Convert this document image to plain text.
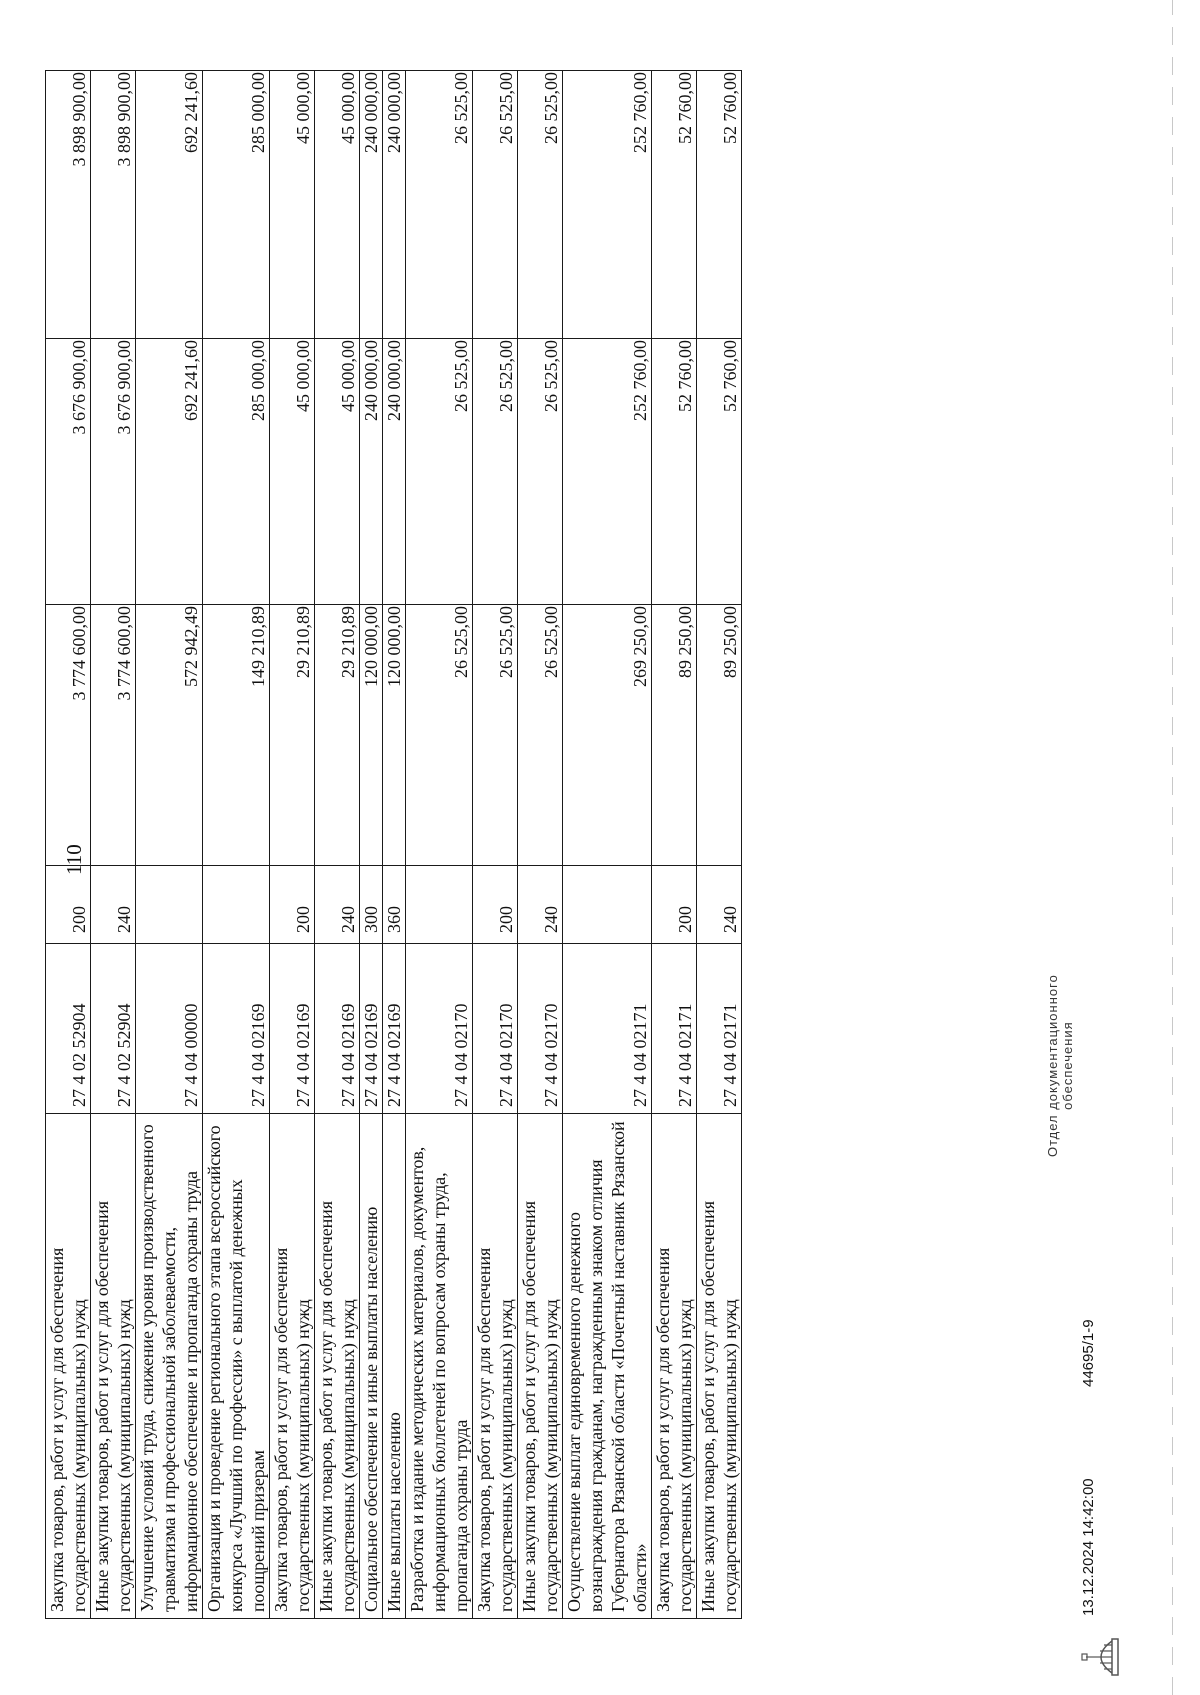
110
Закупка товаров, работ и услуг для обеспечения государственных (муниципальных) нужд	27 4 02 52904	200	3 774 600,00	3 676 900,00	3 898 900,00
Иные закупки товаров, работ и услуг для обеспечения государственных (муниципальных) нужд	27 4 02 52904	240	3 774 600,00	3 676 900,00	3 898 900,00
Улучшение условий труда, снижение уровня производственного травматизма и профессиональной заболеваемости, информационное обеспечение и пропаганда охраны труда	27 4 04 00000		572 942,49	692 241,60	692 241,60
Организация и проведение регионального этапа всероссийского конкурса «Лучший по профессии» с выплатой денежных поощрений призерам	27 4 04 02169		149 210,89	285 000,00	285 000,00
Закупка товаров, работ и услуг для обеспечения государственных (муниципальных) нужд	27 4 04 02169	200	29 210,89	45 000,00	45 000,00
Иные закупки товаров, работ и услуг для обеспечения государственных (муниципальных) нужд	27 4 04 02169	240	29 210,89	45 000,00	45 000,00
Социальное обеспечение и иные выплаты населению	27 4 04 02169	300	120 000,00	240 000,00	240 000,00
Иные выплаты населению	27 4 04 02169	360	120 000,00	240 000,00	240 000,00
Разработка и издание методических материалов, документов, информационных бюллетеней по вопросам охраны труда, пропаганда охраны труда	27 4 04 02170		26 525,00	26 525,00	26 525,00
Закупка товаров, работ и услуг для обеспечения государственных (муниципальных) нужд	27 4 04 02170	200	26 525,00	26 525,00	26 525,00
Иные закупки товаров, работ и услуг для обеспечения государственных (муниципальных) нужд	27 4 04 02170	240	26 525,00	26 525,00	26 525,00
Осуществление выплат единовременного денежного вознаграждения гражданам, награжденным знаком отличия Губернатора Рязанской области «Почетный наставник Рязанской области»	27 4 04 02171		269 250,00	252 760,00	252 760,00
Закупка товаров, работ и услуг для обеспечения государственных (муниципальных) нужд	27 4 04 02171	200	89 250,00	52 760,00	52 760,00
Иные закупки товаров, работ и услуг для обеспечения государственных (муниципальных) нужд	27 4 04 02171	240	89 250,00	52 760,00	52 760,00
13.12.2024 14:42:00
44695/1-9
Отдел документационного обеспечения
